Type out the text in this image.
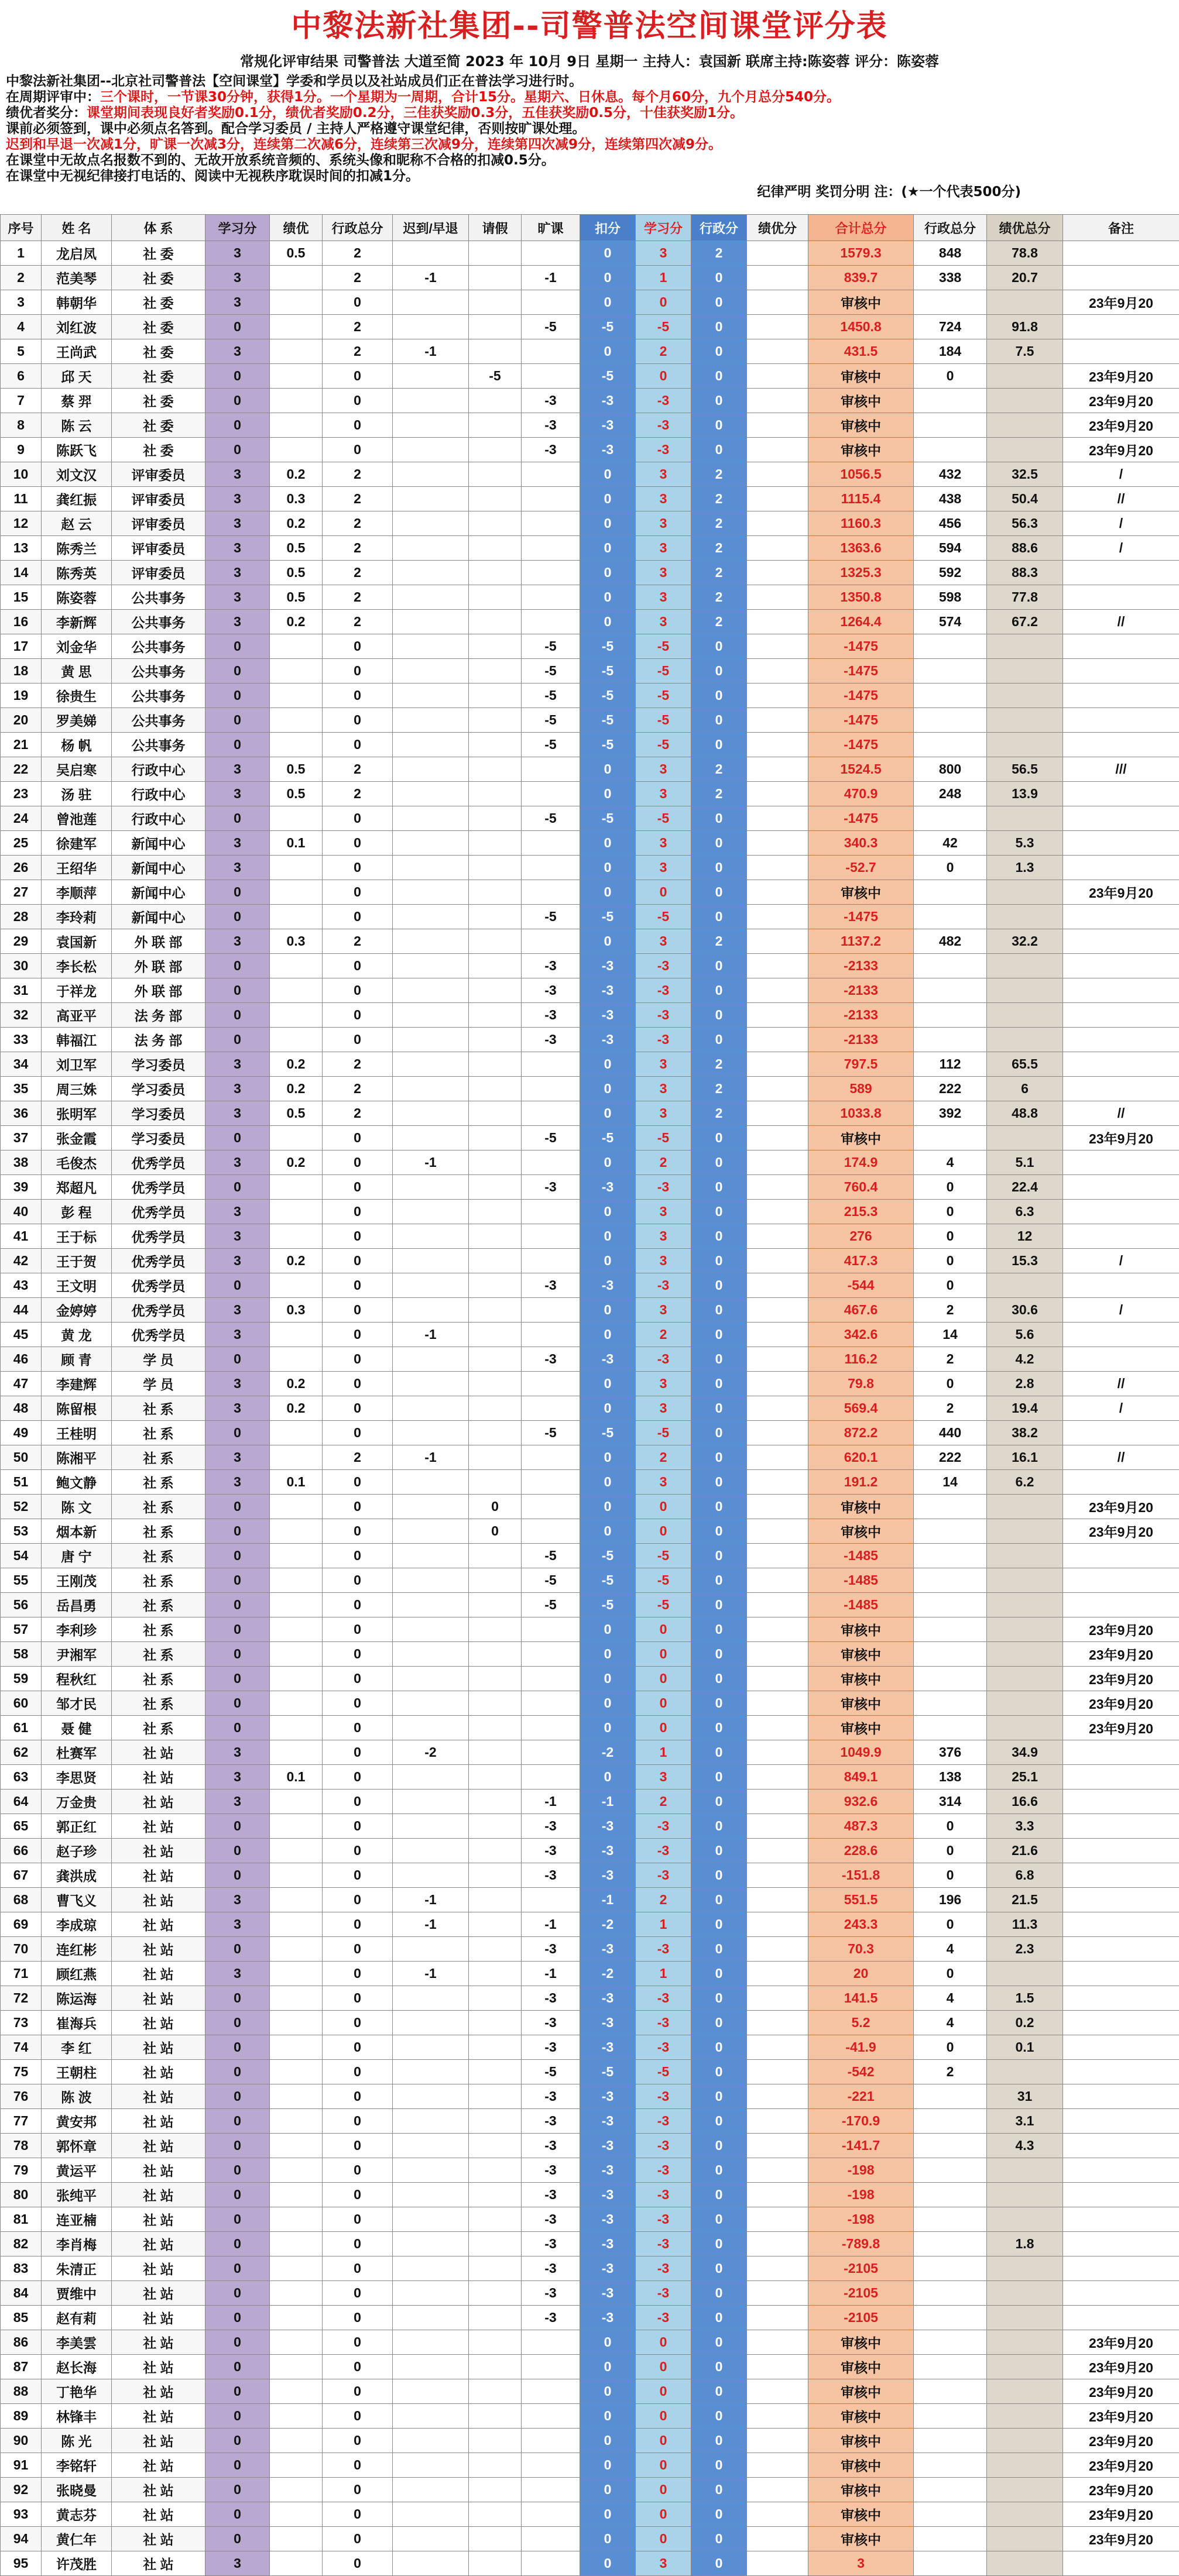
中黎法新社集团--司警普法空间课堂评分表
常规化评审结果 司警普法 大道至简 2023 年 10月 9日 星期一 主持人：袁国新 联席主持:陈姿蓉 评分：陈姿蓉
中黎法新社集团--北京社司警普法【空间课堂】学委和学员以及社站成员们正在普法学习进行时。
在周期评审中：三个课时，一节课30分钟，获得1分。一个星期为一周期，合计15分。星期六、日休息。每个月60分，九个月总分540分。
绩优者奖分：课堂期间表现良好者奖励0.1分，绩优者奖励0.2分，三佳获奖励0.3分，五佳获奖励0.5分，十佳获奖励1分。
课前必须签到，课中必须点名答到。配合学习委员 / 主持人严格遵守课堂纪律，否则按旷课处理。
迟到和早退一次减1分，旷课一次减3分，连续第二次减6分，连续第三次减9分，连续第四次减9分，连续第四次减9分。
在课堂中无故点名报数不到的、无故开放系统音频的、系统头像和昵称不合格的扣减0.5分。
在课堂中无视纪律接打电话的、阅读中无视秩序耽误时间的扣减1分。
纪律严明 奖罚分明 注：(★一个代表500分)
序号	姓 名	体 系	学习分	绩优	行政总分	迟到/早退	请假	旷课	扣分	学习分	行政分	绩优分	合计总分	行政总分	绩优总分	备注
1	龙启凤	社 委	3	0.5	2				0	3	2		1579.3	848	78.8	
2	范美琴	社 委	3		2	-1		-1	0	1	0		839.7	338	20.7	
3	韩朝华	社 委	3		0				0	0	0		审核中			23年9月20
4	刘红波	社 委	0		2			-5	-5	-5	0		1450.8	724	91.8	
5	王尚武	社 委	3		2	-1			0	2	0		431.5	184	7.5	
6	邱 天	社 委	0		0		-5		-5	0	0		审核中	0		23年9月20
7	蔡 羿	社 委	0		0			-3	-3	-3	0		审核中			23年9月20
8	陈 云	社 委	0		0			-3	-3	-3	0		审核中			23年9月20
9	陈跃飞	社 委	0		0			-3	-3	-3	0		审核中			23年9月20
10	刘文汉	评审委员	3	0.2	2				0	3	2		1056.5	432	32.5	/
11	龚红振	评审委员	3	0.3	2				0	3	2		1115.4	438	50.4	//
12	赵 云	评审委员	3	0.2	2				0	3	2		1160.3	456	56.3	/
13	陈秀兰	评审委员	3	0.5	2				0	3	2		1363.6	594	88.6	/
14	陈秀英	评审委员	3	0.5	2				0	3	2		1325.3	592	88.3	
15	陈姿蓉	公共事务	3	0.5	2				0	3	2		1350.8	598	77.8	
16	李新辉	公共事务	3	0.2	2				0	3	2		1264.4	574	67.2	//
17	刘金华	公共事务	0		0			-5	-5	-5	0		-1475			
18	黄 思	公共事务	0		0			-5	-5	-5	0		-1475			
19	徐贵生	公共事务	0		0			-5	-5	-5	0		-1475			
20	罗美娣	公共事务	0		0			-5	-5	-5	0		-1475			
21	杨 帆	公共事务	0		0			-5	-5	-5	0		-1475			
22	吴启寒	行政中心	3	0.5	2				0	3	2		1524.5	800	56.5	///
23	汤 驻	行政中心	3	0.5	2				0	3	2		470.9	248	13.9	
24	曾池莲	行政中心	0		0			-5	-5	-5	0		-1475			
25	徐建军	新闻中心	3	0.1	0				0	3	0		340.3	42	5.3	
26	王绍华	新闻中心	3		0				0	3	0		-52.7	0	1.3	
27	李顺萍	新闻中心	0		0				0	0	0		审核中			23年9月20
28	李玲莉	新闻中心	0		0			-5	-5	-5	0		-1475			
29	袁国新	外 联 部	3	0.3	2				0	3	2		1137.2	482	32.2	
30	李长松	外 联 部	0		0			-3	-3	-3	0		-2133			
31	于祥龙	外 联 部	0		0			-3	-3	-3	0		-2133			
32	高亚平	法 务 部	0		0			-3	-3	-3	0		-2133			
33	韩福江	法 务 部	0		0			-3	-3	-3	0		-2133			
34	刘卫军	学习委员	3	0.2	2				0	3	2		797.5	112	65.5	
35	周三姝	学习委员	3	0.2	2				0	3	2		589	222	6	
36	张明军	学习委员	3	0.5	2				0	3	2		1033.8	392	48.8	//
37	张金霞	学习委员	0		0			-5	-5	-5	0		审核中			23年9月20
38	毛俊杰	优秀学员	3	0.2	0	-1			0	2	0		174.9	4	5.1	
39	郑超凡	优秀学员	0		0			-3	-3	-3	0		760.4	0	22.4	
40	彭 程	优秀学员	3		0				0	3	0		215.3	0	6.3	
41	王于标	优秀学员	3		0				0	3	0		276	0	12	
42	王于贺	优秀学员	3	0.2	0				0	3	0		417.3	0	15.3	/
43	王文明	优秀学员	0		0			-3	-3	-3	0		-544	0		
44	金婷婷	优秀学员	3	0.3	0				0	3	0		467.6	2	30.6	/
45	黄 龙	优秀学员	3		0	-1			0	2	0		342.6	14	5.6	
46	顾 青	学 员	0		0			-3	-3	-3	0		116.2	2	4.2	
47	李建辉	学 员	3	0.2	0				0	3	0		79.8	0	2.8	//
48	陈留根	社 系	3	0.2	0				0	3	0		569.4	2	19.4	/
49	王桂明	社 系	0		0			-5	-5	-5	0		872.2	440	38.2	
50	陈湘平	社 系	3		2	-1			0	2	0		620.1	222	16.1	//
51	鲍文静	社 系	3	0.1	0				0	3	0		191.2	14	6.2	
52	陈 文	社 系	0		0		0		0	0	0		审核中			23年9月20
53	烟本新	社 系	0		0		0		0	0	0		审核中			23年9月20
54	唐 宁	社 系	0		0			-5	-5	-5	0		-1485			
55	王刚茂	社 系	0		0			-5	-5	-5	0		-1485			
56	岳昌勇	社 系	0		0			-5	-5	-5	0		-1485			
57	李利珍	社 系	0		0				0	0	0		审核中			23年9月20
58	尹湘军	社 系	0		0				0	0	0		审核中			23年9月20
59	程秋红	社 系	0		0				0	0	0		审核中			23年9月20
60	邹才民	社 系	0		0				0	0	0		审核中			23年9月20
61	聂 健	社 系	0		0				0	0	0		审核中			23年9月20
62	杜赛军	社 站	3		0	-2			-2	1	0		1049.9	376	34.9	
63	李思贤	社 站	3	0.1	0				0	3	0		849.1	138	25.1	
64	万金贵	社 站	3		0			-1	-1	2	0		932.6	314	16.6	
65	郭正红	社 站	0		0			-3	-3	-3	0		487.3	0	3.3	
66	赵子珍	社 站	0		0			-3	-3	-3	0		228.6	0	21.6	
67	龚洪成	社 站	0		0			-3	-3	-3	0		-151.8	0	6.8	
68	曹飞义	社 站	3		0	-1			-1	2	0		551.5	196	21.5	
69	李成琼	社 站	3		0	-1		-1	-2	1	0		243.3	0	11.3	
70	连红彬	社 站	0		0			-3	-3	-3	0		70.3	4	2.3	
71	顾红燕	社 站	3		0	-1		-1	-2	1	0		20	0		
72	陈运海	社 站	0		0			-3	-3	-3	0		141.5	4	1.5	
73	崔海兵	社 站	0		0			-3	-3	-3	0		5.2	4	0.2	
74	李 红	社 站	0		0			-3	-3	-3	0		-41.9	0	0.1	
75	王朝柱	社 站	0		0			-5	-5	-5	0		-542	2		
76	陈 波	社 站	0		0			-3	-3	-3	0		-221		31	
77	黄安邦	社 站	0		0			-3	-3	-3	0		-170.9		3.1	
78	郭怀章	社 站	0		0			-3	-3	-3	0		-141.7		4.3	
79	黄运平	社 站	0		0			-3	-3	-3	0		-198			
80	张纯平	社 站	0		0			-3	-3	-3	0		-198			
81	连亚楠	社 站	0		0			-3	-3	-3	0		-198			
82	李肖梅	社 站	0		0			-3	-3	-3	0		-789.8		1.8	
83	朱清正	社 站	0		0			-3	-3	-3	0		-2105			
84	贾维中	社 站	0		0			-3	-3	-3	0		-2105			
85	赵有莉	社 站	0		0			-3	-3	-3	0		-2105			
86	李美雲	社 站	0		0				0	0	0		审核中			23年9月20
87	赵长海	社 站	0		0				0	0	0		审核中			23年9月20
88	丁艳华	社 站	0		0				0	0	0		审核中			23年9月20
89	林锋丰	社 站	0		0				0	0	0		审核中			23年9月20
90	陈 光	社 站	0		0				0	0	0		审核中			23年9月20
91	李铭轩	社 站	0		0				0	0	0		审核中			23年9月20
92	张晓曼	社 站	0		0				0	0	0		审核中			23年9月20
93	黄志芬	社 站	0		0				0	0	0		审核中			23年9月20
94	黄仁年	社 站	0		0				0	0	0		审核中			23年9月20
95	许茂胜	社 站	3		0				0	3	0		3			
